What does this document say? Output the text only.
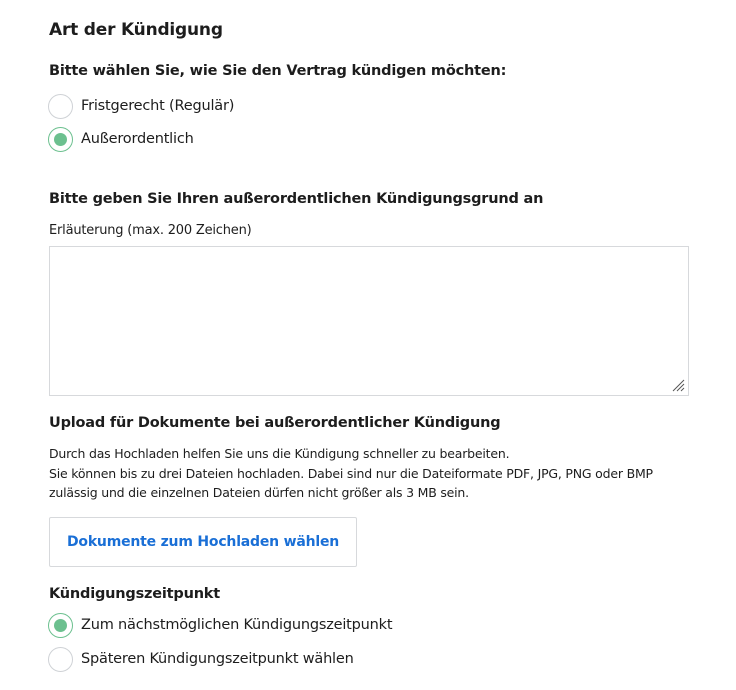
Art der Kündigung
Bitte wählen Sie, wie Sie den Vertrag kündigen möchten:
Fristgerecht (Regulär)
Außerordentlich
Bitte geben Sie Ihren außerordentlichen Kündigungsgrund an
Erläuterung (max. 200 Zeichen)
Upload für Dokumente bei außerordentlicher Kündigung
Durch das Hochladen helfen Sie uns die Kündigung schneller zu bearbeiten.
Sie können bis zu drei Dateien hochladen. Dabei sind nur die Dateiformate PDF, JPG, PNG oder BMP
zulässig und die einzelnen Dateien dürfen nicht größer als 3 MB sein.
Dokumente zum Hochladen wählen
Kündigungszeitpunkt
Zum nächstmöglichen Kündigungszeitpunkt
Späteren Kündigungszeitpunkt wählen
